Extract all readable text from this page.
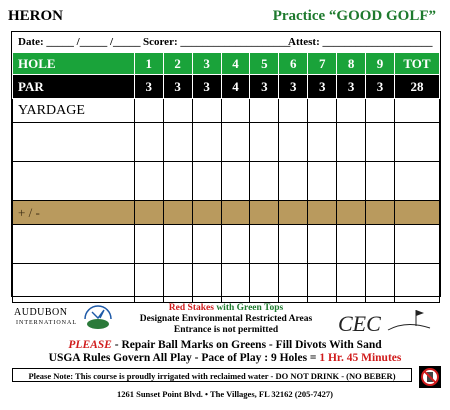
HERON	Practice “GOOD GOLF”
Date: _____ /_____ /_____ Scorer: ____________________
Attest: ____________________
HOLE	1	2	3	4	5	6	7	8	9	TOT
PAR	3	3	3	4	3	3	3	3	3	28
YARDAGE										

+ / -										

AUDUBON
INTERNATIONAL
Red Stakes with Green Tops
Designate Environmental Restricted Areas
Entrance is not permitted	CEC
PLEASE - Repair Ball Marks on Greens - Fill Divots With Sand
USGA Rules Govern All Play - Pace of Play : 9 Holes = 1 Hr. 45 Minutes
Please Note: This course is proudly irrigated with reclaimed water - DO NOT DRINK - (NO BEBER)
1261 Sunset Point Blvd. • The Villages, FL 32162 (205-7427)
